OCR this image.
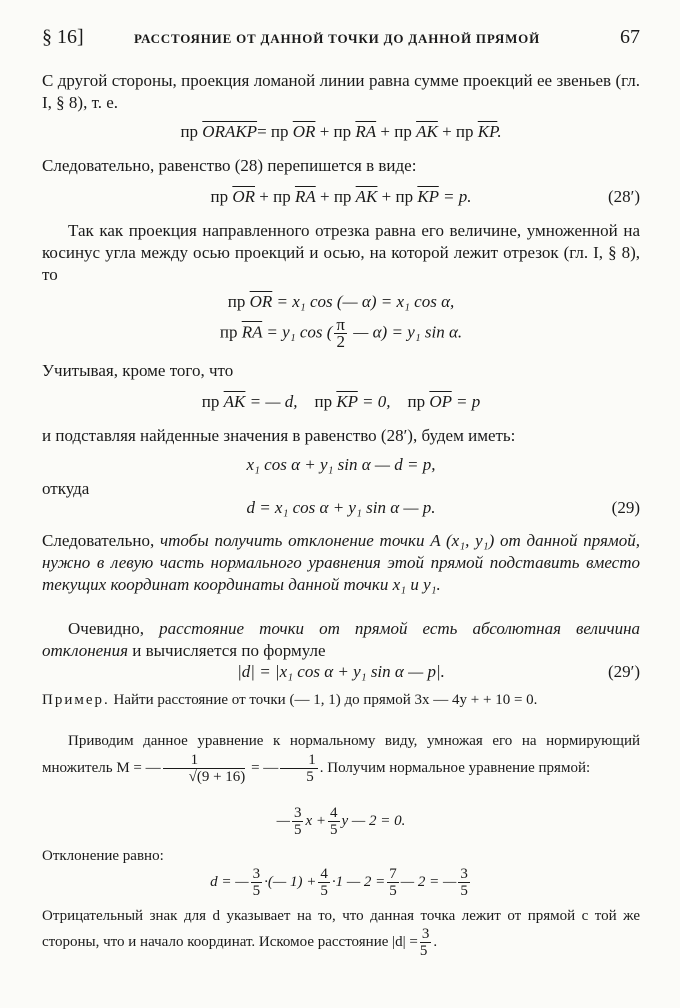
§ 16]	РАССТОЯНИЕ ОТ ДАННОЙ ТОЧКИ ДО ДАННОЙ ПРЯМОЙ	67

С другой стороны, проекция ломаной линии равна сумме проекций ее звеньев (гл. I, § 8), т. е.

пр ORAKP= пр $\overline{OR}$ + пр $\overline{RA}$ + пр $\overline{AK}$ + пр $\overline{KP}$.

Следовательно, равенство (28) перепишется в виде:

пр $\overline{OR}$ + пр $\overline{RA}$ + пр $\overline{AK}$ + пр $\overline{KP} = p$.	(28′)

Так как проекция направленного отрезка равна его величине, умноженной на косинус угла между осью проекций и осью, на которой лежит отрезок (гл. I, § 8), то

пр $\overline{OR} = x_1$ cos (— α) = x₁ cos α,
пр $\overline{RA} = y_1$ cos ( $\frac{\pi}{2}$ — α) = y₁ sin α.

Учитывая, кроме того, что

пр $\overline{AK}$ = — d, пр $\overline{KP} = 0$, пр $\overline{OP} = p$

и подставляя найденные значения в равенство (28′), будем иметь:

x₁ cos α + y₁ sin α — d = p,

откуда

d = x₁ cos α + y₁ sin α — p.	(29)

Следовательно, чтобы получить отклонение точки A (x₁, y₁) от данной прямой, нужно в левую часть нормального уравнения этой прямой подставить вместо текущих координат координаты данной точки x₁ и y₁.

Очевидно, расстояние точки от прямой есть абсолютная величина отклонения и вычисляется по формуле

|d| = |x₁ cos α + y₁ sin α — p|.	(29′)

Пример. Найти расстояние от точки (— 1, 1) до прямой 3x — 4y + + 10 = 0.

Приводим данное уравнение к нормальному виду, умножая его на нормирующий множитель M = — $\frac{1}{√(9 + 16)}$ = — $\frac{1}{5}$ . Получим нормальное уравнение прямой:

— $\frac{3}{5}$ $x + \frac{4}{5}$ y — 2 = 0.

Отклонение равно:

d = — $\frac{3}{5}$ ·(— $1) + \frac{4}{5} \cdot 1$ — $2 = \frac{7}{5}$ — 2 = — $\frac{3}{5}$

Отрицательный знак для d указывает на то, что данная точка лежит от прямой с той же стороны, что и начало координат. Искомое расстояние $|d| = \frac{3}{5}$ .
